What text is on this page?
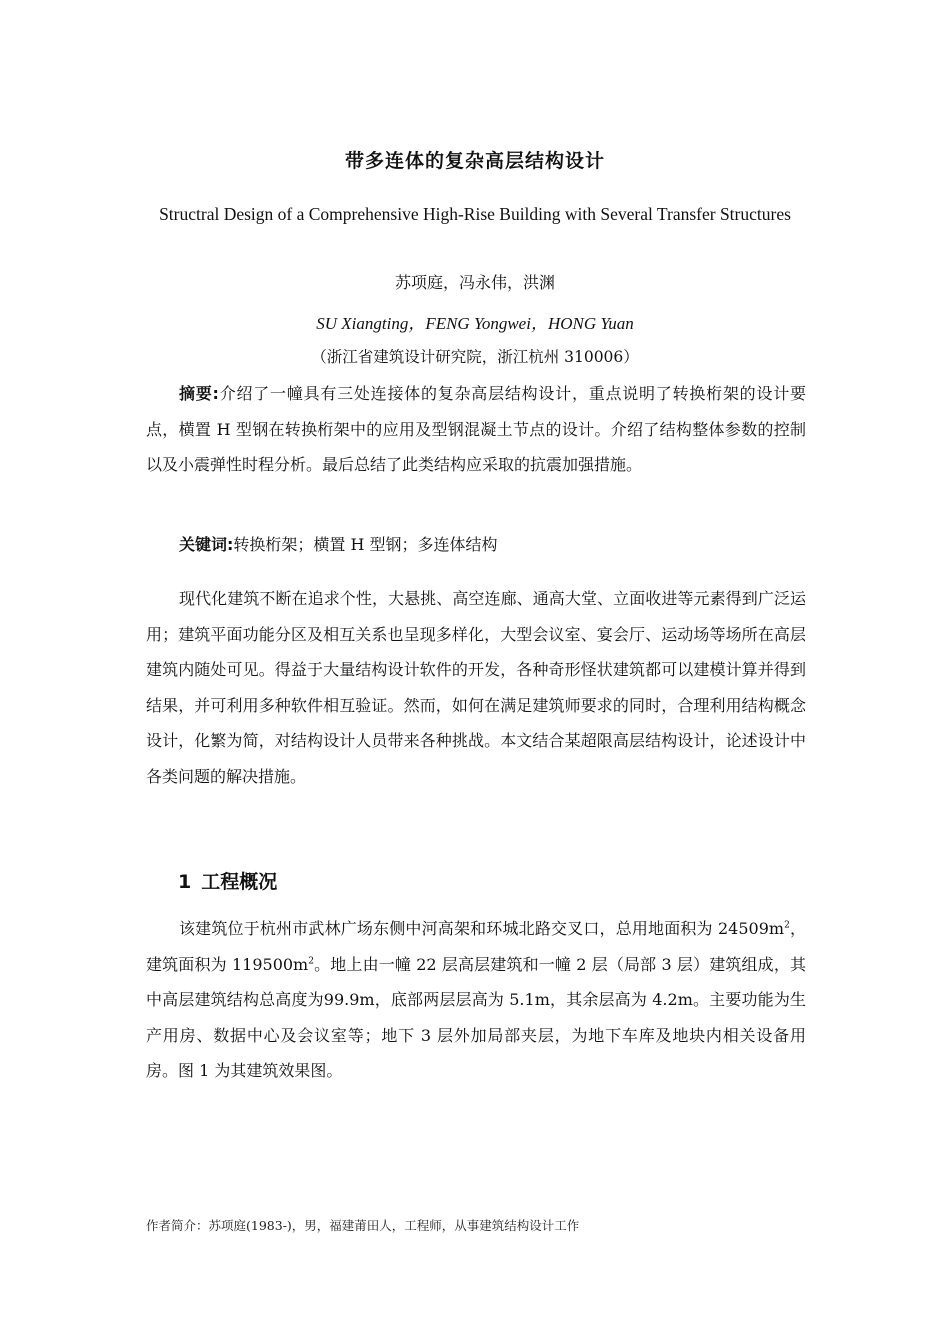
带多连体的复杂高层结构设计
Structral Design of a Comprehensive High-Rise Building with Several Transfer Structures
苏项庭，冯永伟，洪渊
SU Xiangting，FENG Yongwei，HONG Yuan
（浙江省建筑设计研究院，浙江杭州 310006）
摘要:介绍了一幢具有三处连接体的复杂高层结构设计，重点说明了转换桁架的设计要点，横置 H 型钢在转换桁架中的应用及型钢混凝土节点的设计。介绍了结构整体参数的控制以及小震弹性时程分析。最后总结了此类结构应采取的抗震加强措施。
关键词:转换桁架；横置 H 型钢；多连体结构
现代化建筑不断在追求个性，大悬挑、高空连廊、通高大堂、立面收进等元素得到广泛运用；建筑平面功能分区及相互关系也呈现多样化，大型会议室、宴会厅、运动场等场所在高层建筑内随处可见。得益于大量结构设计软件的开发，各种奇形怪状建筑都可以建模计算并得到结果，并可利用多种软件相互验证。然而，如何在满足建筑师要求的同时，合理利用结构概念设计，化繁为简，对结构设计人员带来各种挑战。本文结合某超限高层结构设计，论述设计中各类问题的解决措施。
1 工程概况
该建筑位于杭州市武林广场东侧中河高架和环城北路交叉口，总用地面积为 $24509m^2$，建筑面积为 $119500m^2$。地上由一幢 22 层高层建筑和一幢 2 层（局部 3 层）建筑组成，其中高层建筑结构总高度为99.9m，底部两层层高为 5.1m，其余层高为 4.2m。主要功能为生产用房、数据中心及会议室等；地下 3 层外加局部夹层，为地下车库及地块内相关设备用房。图 1 为其建筑效果图。
作者简介：苏项庭(1983-)，男，福建莆田人，工程师，从事建筑结构设计工作
